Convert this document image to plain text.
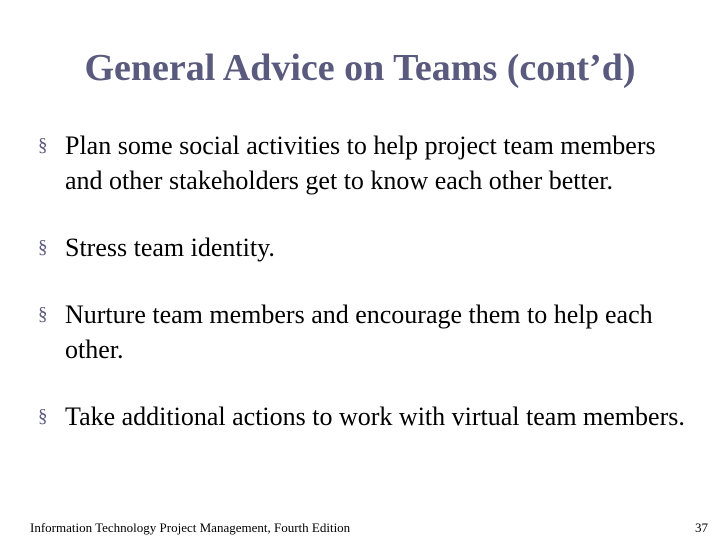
General Advice on Teams (cont’d)
§ Plan some social activities to help project team members and other stakeholders get to know each other better.
§ Stress team identity.
§ Nurture team members and encourage them to help each other.
§ Take additional actions to work with virtual team members.
Information Technology Project Management, Fourth Edition	37
